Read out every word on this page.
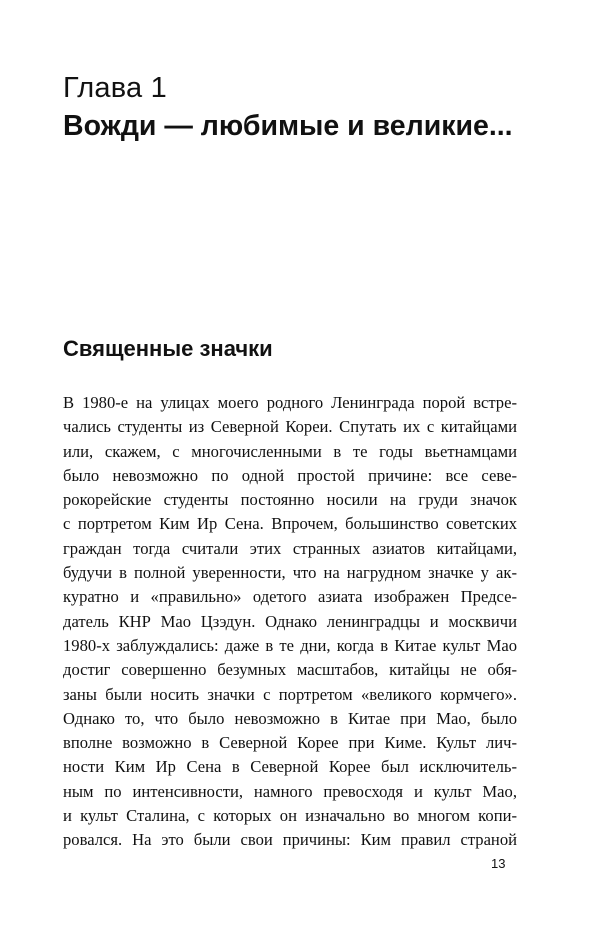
Глава 1
Вожди — любимые и великие...
Священные значки
В 1980-е на улицах моего родного Ленинграда порой встре-
чались студенты из Северной Кореи. Спутать их с китайцами
или, скажем, с многочисленными в те годы вьетнамцами
было невозможно по одной простой причине: все севе-
рокорейские студенты постоянно носили на груди значок
с портретом Ким Ир Сена. Впрочем, большинство советских
граждан тогда считали этих странных азиатов китайцами,
будучи в полной уверенности, что на нагрудном значке у ак-
куратно и «правильно» одетого азиата изображен Предсе-
датель КНР Мао Цзэдун. Однако ленинградцы и москвичи
1980-х заблуждались: даже в те дни, когда в Китае культ Мао
достиг совершенно безумных масштабов, китайцы не обя-
заны были носить значки с портретом «великого кормчего».
Однако то, что было невозможно в Китае при Мао, было
вполне возможно в Северной Корее при Киме. Культ лич-
ности Ким Ир Сена в Северной Корее был исключитель-
ным по интенсивности, намного превосходя и культ Мао,
и культ Сталина, с которых он изначально во многом копи-
ровался. На это были свои причины: Ким правил страной
13
